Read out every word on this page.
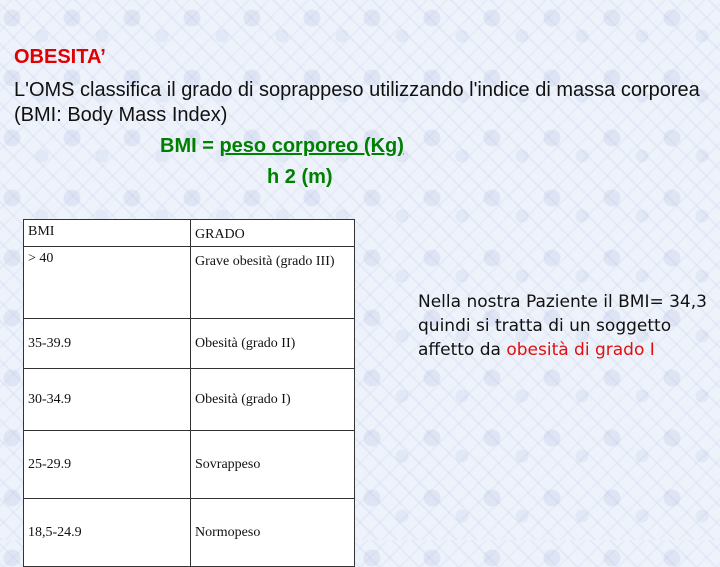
OBESITA’
L'OMS classifica il grado di soprappeso utilizzando l'indice di massa corporea (BMI: Body Mass Index)
BMI = peso corporeo (Kg)
h 2 (m)
BMI	GRADO
> 40	Grave obesità (grado III)
35-39.9	Obesità (grado II)
30-34.9	Obesità (grado I)
25-29.9	Sovrappeso
18,5-24.9	Normopeso
Nella nostra Paziente il BMI= 34,3 quindi si tratta di un soggetto affetto da obesità di grado I
